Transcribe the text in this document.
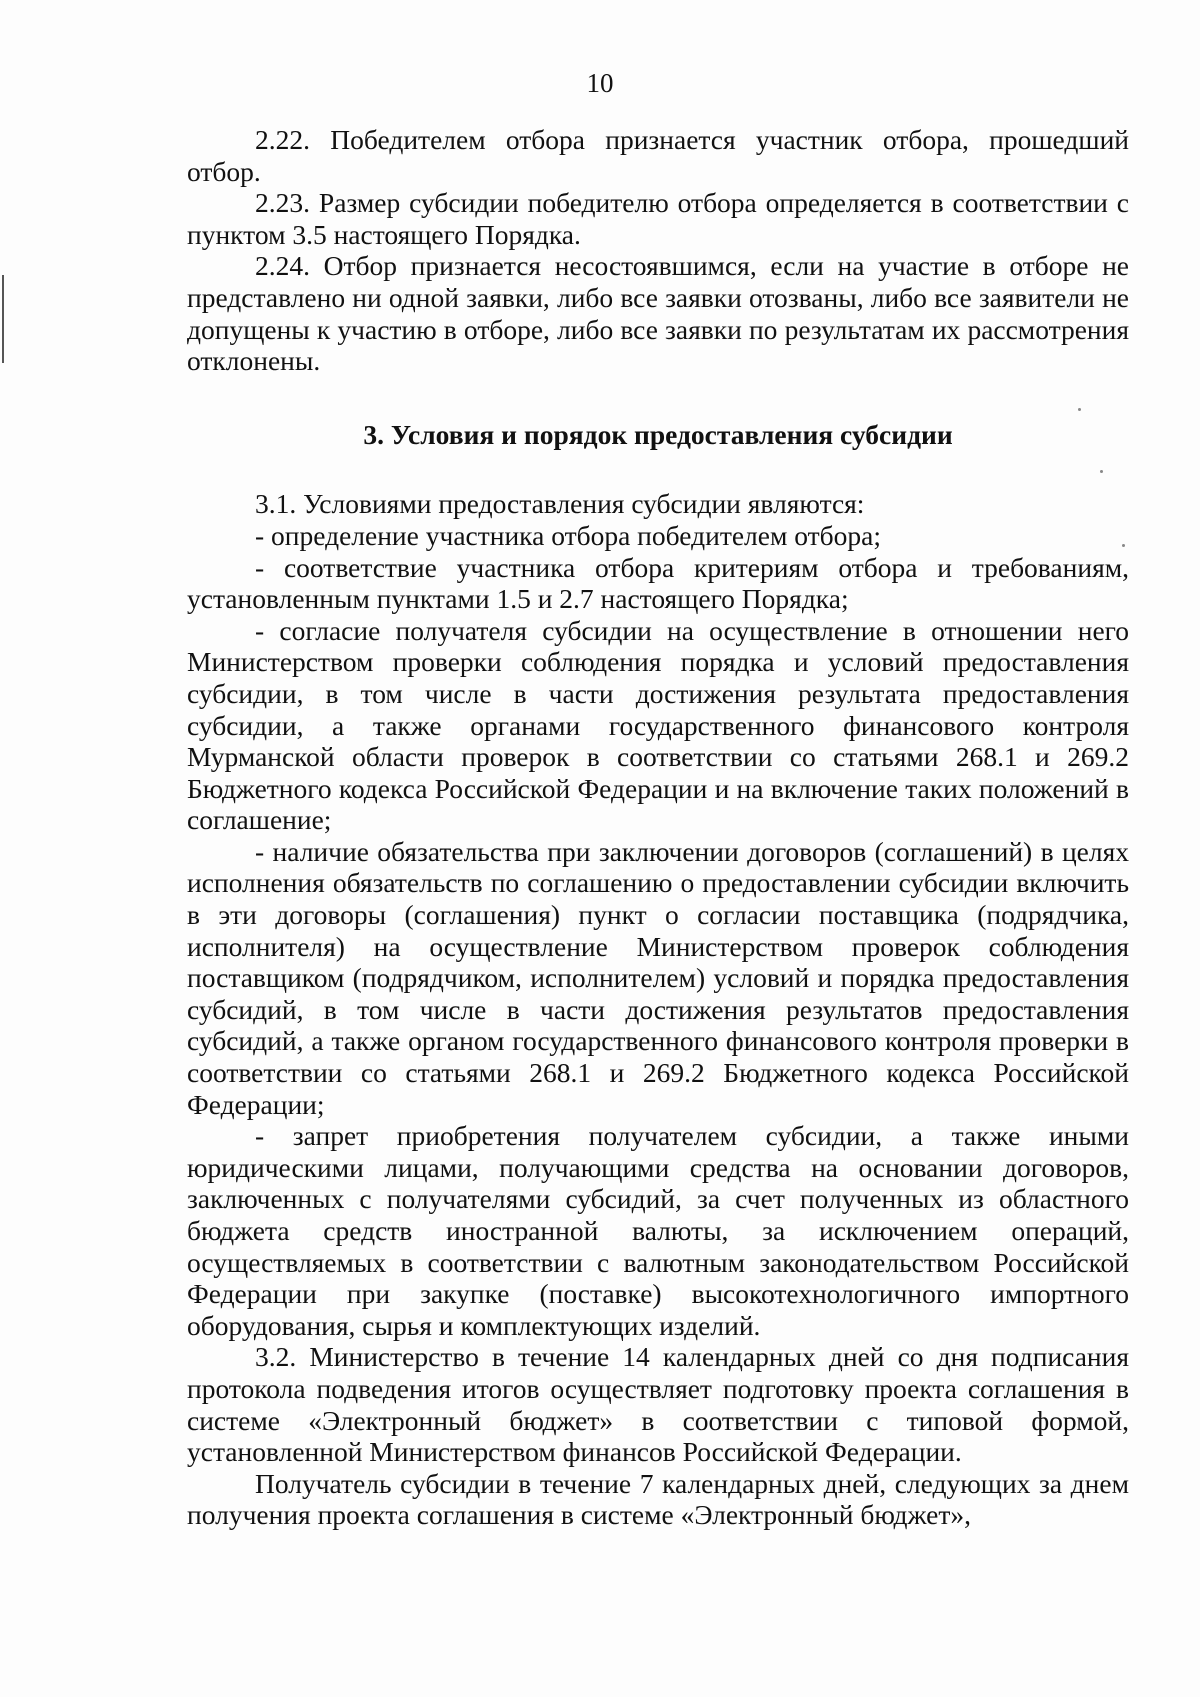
10

2.22. Победителем отбора признается участник отбора, прошедший отбор.

2.23. Размер субсидии победителю отбора определяется в соответствии с пунктом 3.5 настоящего Порядка.

2.24. Отбор признается несостоявшимся, если на участие в отборе не представлено ни одной заявки, либо все заявки отозваны, либо все заявители не допущены к участию в отборе, либо все заявки по результатам их рассмотрения отклонены.

3. Условия и порядок предоставления субсидии

3.1. Условиями предоставления субсидии являются:

- определение участника отбора победителем отбора;

- соответствие участника отбора критериям отбора и требованиям, установленным пунктами 1.5 и 2.7 настоящего Порядка;

- согласие получателя субсидии на осуществление в отношении него Министерством проверки соблюдения порядка и условий предоставления субсидии, в том числе в части достижения результата предоставления субсидии, а также органами государственного финансового контроля Мурманской области проверок в соответствии со статьями 268.1 и 269.2 Бюджетного кодекса Российской Федерации и на включение таких положений в соглашение;

- наличие обязательства при заключении договоров (соглашений) в целях исполнения обязательств по соглашению о предоставлении субсидии включить в эти договоры (соглашения) пункт о согласии поставщика (подрядчика, исполнителя) на осуществление Министерством проверок соблюдения поставщиком (подрядчиком, исполнителем) условий и порядка предоставления субсидий, в том числе в части достижения результатов предоставления субсидий, а также органом государственного финансового контроля проверки в соответствии со статьями 268.1 и 269.2 Бюджетного кодекса Российской Федерации;

- запрет приобретения получателем субсидии, а также иными юридическими лицами, получающими средства на основании договоров, заключенных с получателями субсидий, за счет полученных из областного бюджета средств иностранной валюты, за исключением операций, осуществляемых в соответствии с валютным законодательством Российской Федерации при закупке (поставке) высокотехнологичного импортного оборудования, сырья и комплектующих изделий.

3.2. Министерство в течение 14 календарных дней со дня подписания протокола подведения итогов осуществляет подготовку проекта соглашения в системе «Электронный бюджет» в соответствии с типовой формой, установленной Министерством финансов Российской Федерации.

Получатель субсидии в течение 7 календарных дней, следующих за днем получения проекта соглашения в системе «Электронный бюджет»,
